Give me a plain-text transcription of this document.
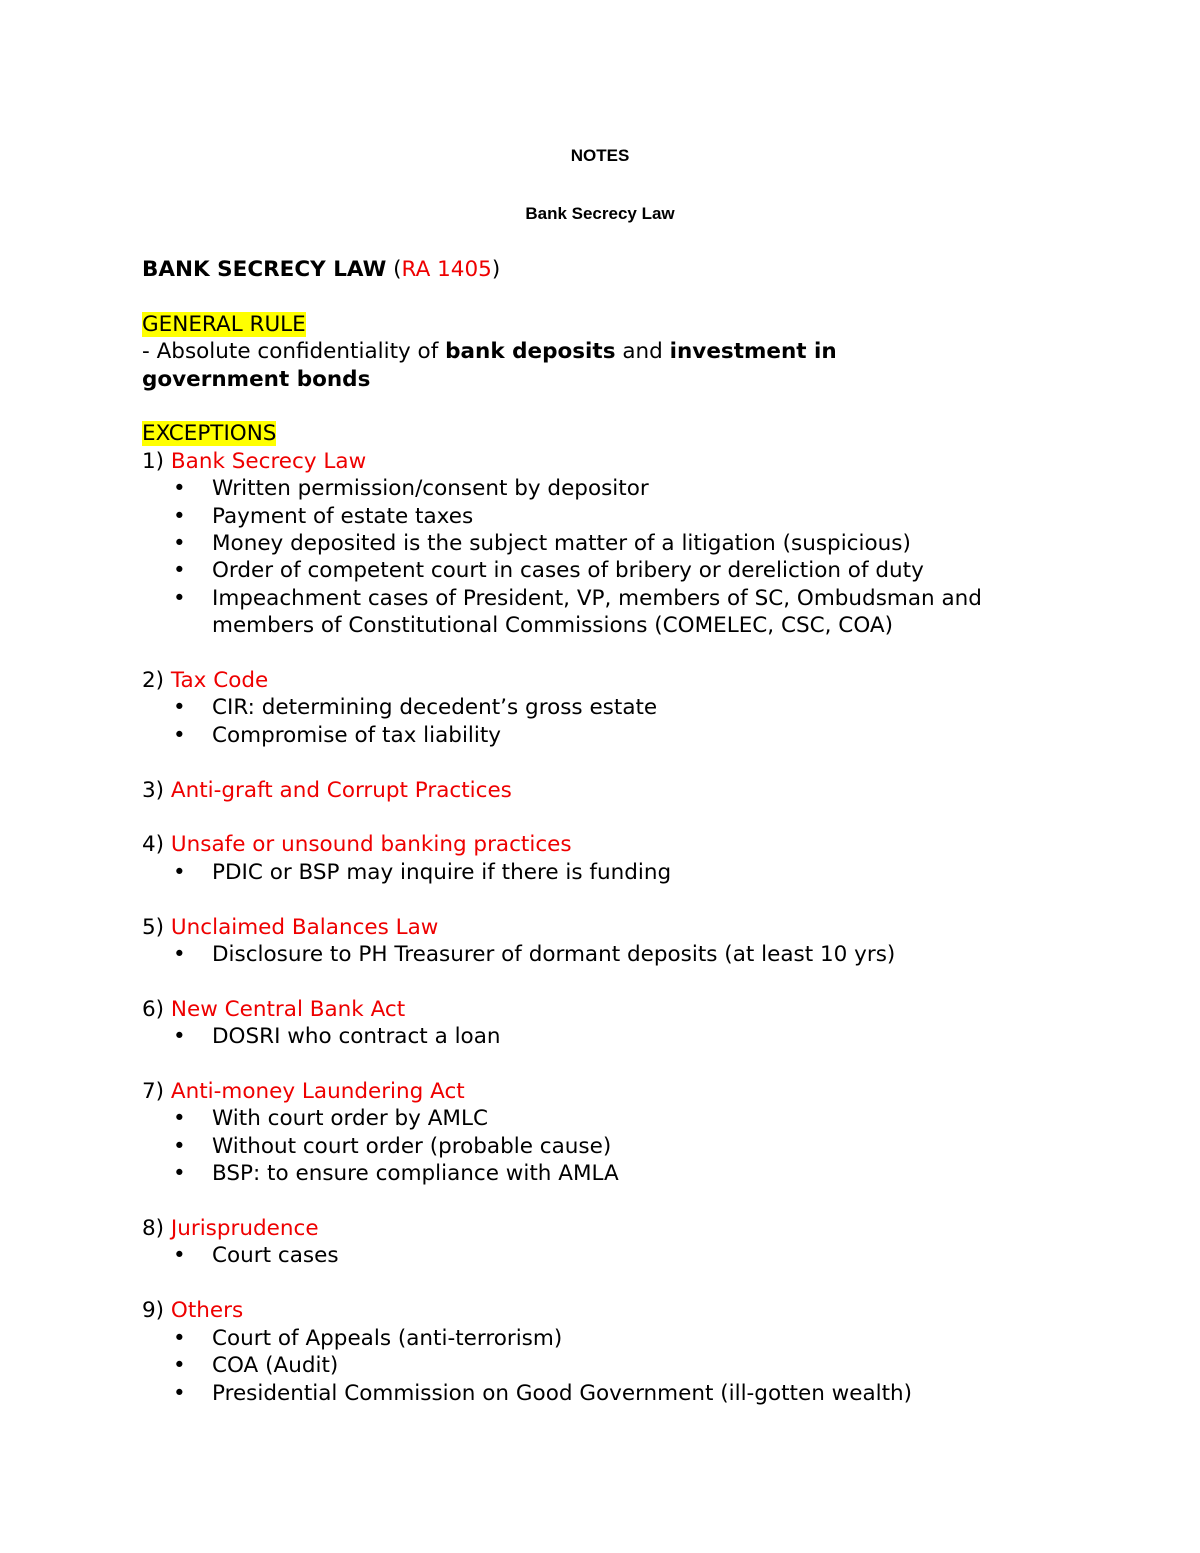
NOTES
Bank Secrecy Law

BANK SECRECY LAW (RA 1405)

GENERAL RULE

- Absolute confidentiality of bank deposits and investment in

government bonds

EXCEPTIONS

1) Bank Secrecy Law

• Written permission/consent by depositor
• Payment of estate taxes
• Money deposited is the subject matter of a litigation (suspicious)
• Order of competent court in cases of bribery or dereliction of duty
• Impeachment cases of President, VP, members of SC, Ombudsman and members of Constitutional Commissions (COMELEC, CSC, COA)

2) Tax Code

• CIR: determining decedent’s gross estate
• Compromise of tax liability

3) Anti-graft and Corrupt Practices

4) Unsafe or unsound banking practices

• PDIC or BSP may inquire if there is funding

5) Unclaimed Balances Law

• Disclosure to PH Treasurer of dormant deposits (at least 10 yrs)

6) New Central Bank Act

• DOSRI who contract a loan

7) Anti-money Laundering Act

• With court order by AMLC
• Without court order (probable cause)
• BSP: to ensure compliance with AMLA

8) Jurisprudence

• Court cases

9) Others

• Court of Appeals (anti-terrorism)
• COA (Audit)
• Presidential Commission on Good Government (ill-gotten wealth)
